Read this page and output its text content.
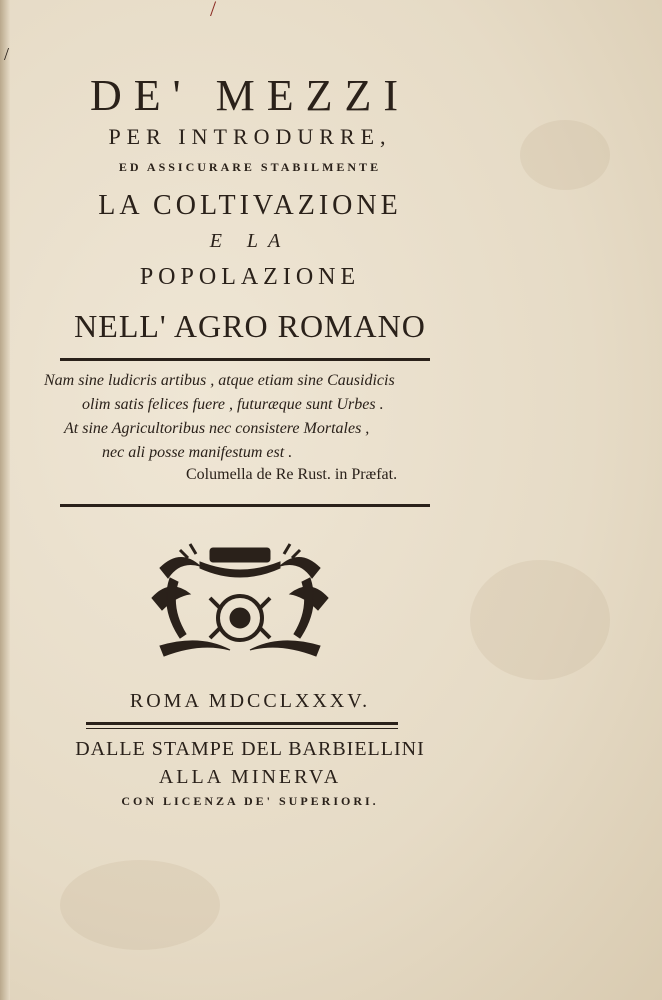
/
/
DE' MEZZI
PER INTRODURRE,
ED ASSICURARE STABILMENTE
LA COLTIVAZIONE
E LA
POPOLAZIONE
NELL' AGRO ROMANO
Nam sine ludicris artibus , atque etiam sine Causidicis
olim satis felices fuere , futuræque sunt Urbes .
At sine Agricultoribus nec consistere Mortales ,
nec ali posse manifestum est .
Columella de Re Rust. in Præfat.
ROMA MDCCLXXXV.
DALLE STAMPE DEL BARBIELLINI
ALLA MINERVA
CON LICENZA DE' SUPERIORI.
